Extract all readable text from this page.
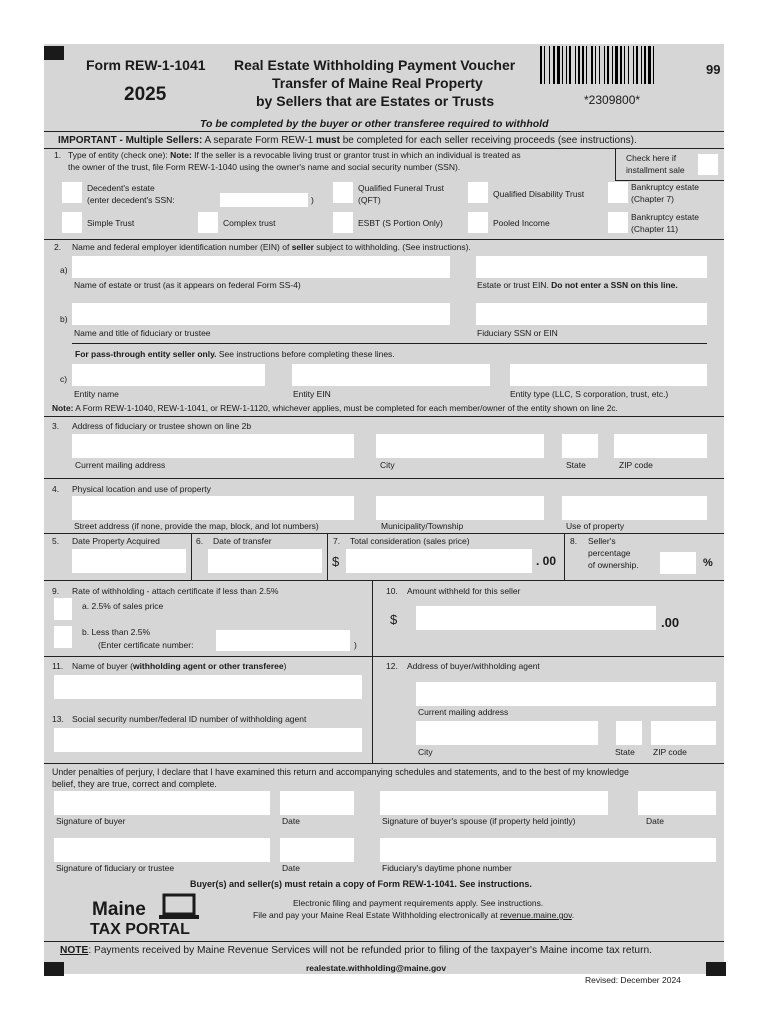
Form REW-1-1041
2025
Real Estate Withholding Payment Voucher
Transfer of Maine Real Property
by Sellers that are Estates or Trusts
99
*2309800*
To be completed by the buyer or other transferee required to withhold
IMPORTANT - Multiple Sellers: A separate Form REW-1 must be completed for each seller receiving proceeds (see instructions).
1. Type of entity (check one): Note: If the seller is a revocable living trust or grantor trust in which an individual is treated as
the owner of the trust, file Form REW-1-1040 using the owner's name and social security number (SSN).
Check here if
installment sale
Decedent's estate
(enter decedent's SSN:	)
Qualified Funeral Trust
(QFT)
Qualified Disability Trust
Bankruptcy estate
(Chapter 7)
Simple Trust	Complex trust	ESBT (S Portion Only)	Pooled Income
Bankruptcy estate
(Chapter 11)
2. Name and federal employer identification number (EIN) of seller subject to withholding. (See instructions).
a)
Name of estate or trust (as it appears on federal Form SS-4)	Estate or trust EIN. Do not enter a SSN on this line.
b)
Name and title of fiduciary or trustee	Fiduciary SSN or EIN
For pass-through entity seller only. See instructions before completing these lines.
c)
Entity name	Entity EIN	Entity type (LLC, S corporation, trust, etc.)
Note: A Form REW-1-1040, REW-1-1041, or REW-1-1120, whichever applies, must be completed for each member/owner of the entity shown on line 2c.
3. Address of fiduciary or trustee shown on line 2b
Current mailing address	City	State	ZIP code
4. Physical location and use of property
Street address (if none, provide the map, block, and lot numbers)	Municipality/Township	Use of property
5. Date Property Acquired	6. Date of transfer	7. Total consideration (sales price)
$	. 00
8. Seller's
percentage
of ownership.	%
9. Rate of withholding - attach certificate if less than 2.5%
a. 2.5% of sales price
b. Less than 2.5%
(Enter certificate number:	)
10. Amount withheld for this seller
$	.00
11. Name of buyer (withholding agent or other transferee)	12. Address of buyer/withholding agent
Current mailing address
City	State ZIP code
13. Social security number/federal ID number of withholding agent
Under penalties of perjury, I declare that I have examined this return and accompanying schedules and statements, and to the best of my knowledge
belief, they are true, correct and complete.
Signature of buyer	Date	Signature of buyer's spouse (if property held jointly)	Date
Signature of fiduciary or trustee	Date	Fiduciary's daytime phone number
Buyer(s) and seller(s) must retain a copy of Form REW-1-1041. See instructions.
Maine
TAX PORTAL
Electronic filing and payment requirements apply. See instructions.
File and pay your Maine Real Estate Withholding electronically at revenue.maine.gov.
NOTE: Payments received by Maine Revenue Services will not be refunded prior to filing of the taxpayer's Maine income tax return.
realestate.withholding@maine.gov
Revised: December 2024
